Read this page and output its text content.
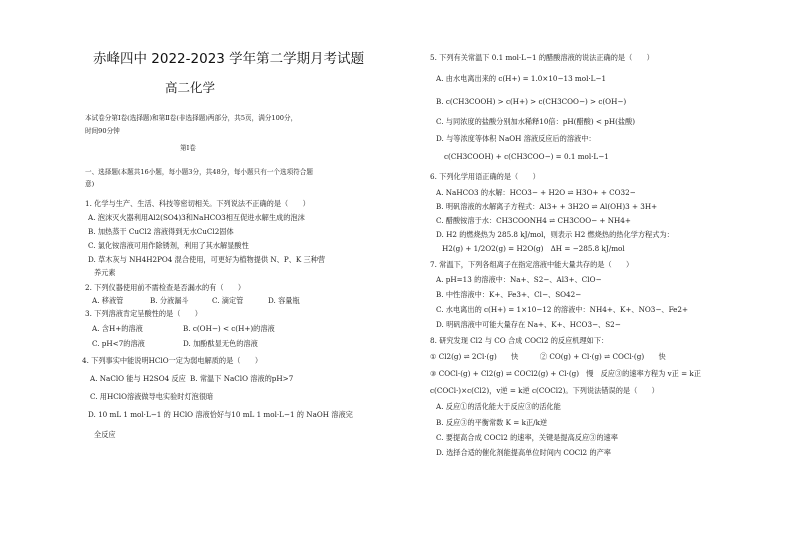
赤峰四中 2022-2023 学年第二学期月考试题
高二化学
本试卷分第Ⅰ卷(选择题)和第Ⅱ卷(非选择题)两部分，共5页，满分100分，
时间90分钟
第Ⅰ卷
一、选择题(本题共16小题，每小题3分，共48分，每小题只有一个选项符合题
意)
1. 化学与生产、生活、科技等密切相关。下列说法不正确的是（　　）
A. 泡沫灭火器利用Al2(SO4)3和NaHCO3相互促进水解生成的泡沫
B. 加热蒸干 CuCl2 溶液得到无水CuCl2固体
C. 氯化铵溶液可用作除锈剂，利用了其水解显酸性
D. 草木灰与 NH4H2PO4 混合使用，可更好为植物提供 N、P、K 三种营
养元素
2. 下列仪器使用前不需检查是否漏水的有（　　）
A. 移液管	B. 分液漏斗	C. 滴定管	D. 容量瓶
3. 下列溶液肯定呈酸性的是（　　）
A. 含H+的溶液	B. c(OH−) < c(H+)的溶液
C. pH<7的溶液	D. 加酚酞显无色的溶液
4. 下列事实中能说明HClO一定为弱电解质的是（　　）
A. NaClO 能与 H2SO4 反应 B. 常温下 NaClO 溶液的pH>7
C. 用HClO溶液做导电实验时灯泡很暗
D. 10 mL 1 mol·L−1 的 HClO 溶液恰好与10 mL 1 mol·L−1 的 NaOH 溶液完
全反应
5. 下列有关常温下 0.1 mol·L−1 的醋酸溶液的说法正确的是（　　）
A. 由水电离出来的 c(H+) = 1.0×10−13 mol·L−1
B. c(CH3COOH) > c(H+) > c(CH3COO−) > c(OH−)
C. 与同浓度的盐酸分别加水稀释10倍：pH(醋酸) < pH(盐酸)
D. 与等浓度等体积 NaOH 溶液反应后的溶液中：
c(CH3COOH) + c(CH3COO−) = 0.1 mol·L−1
6. 下列化学用语正确的是（　　）
A. NaHCO3 的水解：HCO3− + H2O ⇌ H3O+ + CO32−
B. 明矾溶液的水解离子方程式：Al3+ + 3H2O ⇌ Al(OH)3 + 3H+
C. 醋酸铵溶于水：CH3COONH4 ⇌ CH3COO− + NH4+
D. H2 的燃烧热为 285.8 kJ/mol，则表示 H2 燃烧热的热化学方程式为：
H2(g) + 1/2O2(g) = H2O(g)　ΔH = −285.8 kJ/mol
7. 常温下，下列各组离子在指定溶液中能大量共存的是（　　）
A. pH=13 的溶液中：Na+、S2−、Al3+、ClO−
B. 中性溶液中：K+、Fe3+、Cl−、SO42−
C. 水电离出的 c(H+) = 1×10−12 的溶液中：NH4+、K+、NO3−、Fe2+
D. 明矾溶液中可能大量存在 Na+、K+、HCO3−、S2−
8. 研究发现 Cl2 与 CO 合成 COCl2 的反应机理如下：
① Cl2(g) ⇌ 2Cl·(g)　　快　　　② CO(g) + Cl·(g) ⇌ COCl·(g)　　快
③ COCl·(g) + Cl2(g) ⇌ COCl2(g) + Cl·(g)　慢　反应③的速率方程为 v正 = k正
c(COCl·)×c(Cl2)，v逆 = k逆 c(COCl2)。下列说法错误的是（　　）
A. 反应①的活化能大于反应③的活化能
B. 反应③的平衡常数 K = k正/k逆
C. 要提高合成 COCl2 的速率，关键是提高反应③的速率
D. 选择合适的催化剂能提高单位时间内 COCl2 的产率
